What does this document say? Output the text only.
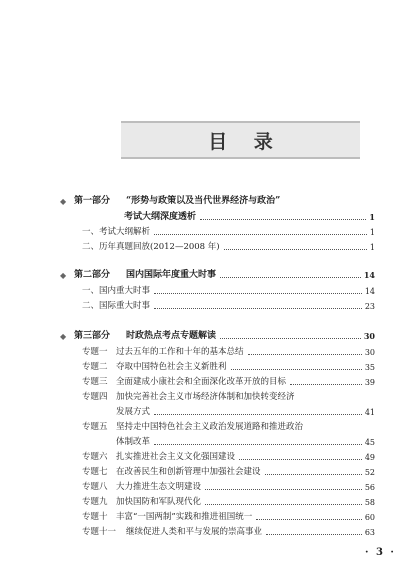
目 录
◆ 第一部分	“形势与政策以及当代世界经济与政治”
考试大纲深度透析	1
一、考试大纲解析	1
二、历年真题回放(2012—2008 年)	1
◆ 第二部分	国内国际年度重大时事	14
一、国内重大时事	14
二、国际重大时事	23
◆ 第三部分	时政热点考点专题解读	30
专题一 过去五年的工作和十年的基本总结	30
专题二 夺取中国特色社会主义新胜利	35
专题三 全面建成小康社会和全面深化改革开放的目标	39
专题四 加快完善社会主义市场经济体制和加快转变经济
发展方式	41
专题五 坚持走中国特色社会主义政治发展道路和推进政治
体制改革	45
专题六 扎实推进社会主义文化强国建设	49
专题七 在改善民生和创新管理中加强社会建设	52
专题八 大力推进生态文明建设	56
专题九 加快国防和军队现代化	58
专题十 丰富“一国两制”实践和推进祖国统一	60
专题十一	继续促进人类和平与发展的崇高事业	63
· 3 ·
